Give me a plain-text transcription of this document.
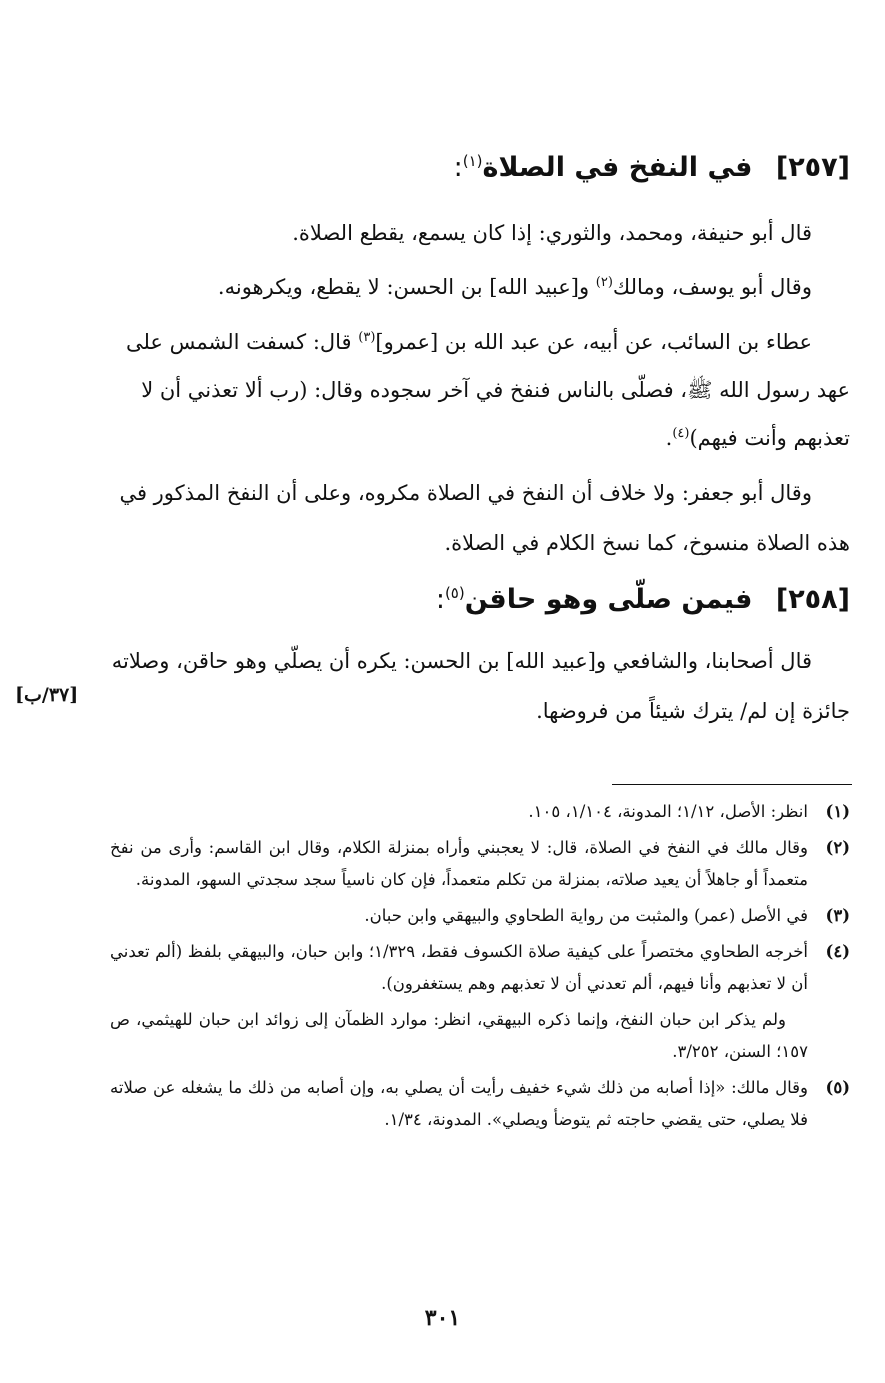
[٢٥٧] في النفخ في الصلاة$^{(١)}$:

قال أبو حنيفة، ومحمد، والثوري: إذا كان يسمع، يقطع الصلاة.

وقال أبو يوسف، ومالك$^{(٢)}$ و[عبيد الله] بن الحسن: لا يقطع، ويكرهونه.

عطاء بن السائب، عن أبيه، عن عبد الله بن [عمرو]$^{(٣)}$ قال: كسفت الشمس على عهد رسول الله ﷺ، فصلّى بالناس فنفخ في آخر سجوده وقال: (رب ألا تعذني أن لا تعذبهم وأنت فيهم)$^{(٤)}$.

وقال أبو جعفر: ولا خلاف أن النفخ في الصلاة مكروه، وعلى أن النفخ المذكور في هذه الصلاة منسوخ، كما نسخ الكلام في الصلاة.

[٢٥٨] فيمن صلّى وهو حاقن$^{(٥)}$:

قال أصحابنا، والشافعي و[عبيد الله] بن الحسن: يكره أن يصلّي وهو حاقن، وصلاته جائزة إن لم/ يترك شيئاً من فروضها.

[٣٧/ب]
(١)
انظر: الأصل، ١/١٢؛ المدونة، ١/١٠٤، ١٠٥.
(٢)
وقال مالك في النفخ في الصلاة، قال: لا يعجبني وأراه بمنزلة الكلام، وقال ابن القاسم: وأرى من نفخ متعمداً أو جاهلاً أن يعيد صلاته، بمنزلة من تكلم متعمداً، فإن كان ناسياً سجد سجدتي السهو، المدونة.
(٣)
في الأصل (عمر) والمثبت من رواية الطحاوي والبيهقي وابن حبان.
(٤)
أخرجه الطحاوي مختصراً على كيفية صلاة الكسوف فقط، ١/٣٢٩؛ وابن حبان، والبيهقي بلفظ (ألم تعدني أن لا تعذبهم وأنا فيهم، ألم تعدني أن لا تعذبهم وهم يستغفرون).
ولم يذكر ابن حبان النفخ، وإنما ذكره البيهقي، انظر: موارد الظمآن إلى زوائد ابن حبان للهيثمي، ص ١٥٧؛ السنن، ٣/٢٥٢.
(٥)
وقال مالك: «إذا أصابه من ذلك شيء خفيف رأيت أن يصلي به، وإن أصابه من ذلك ما يشغله عن صلاته فلا يصلي، حتى يقضي حاجته ثم يتوضأ ويصلي». المدونة، ١/٣٤.
٣٠١
